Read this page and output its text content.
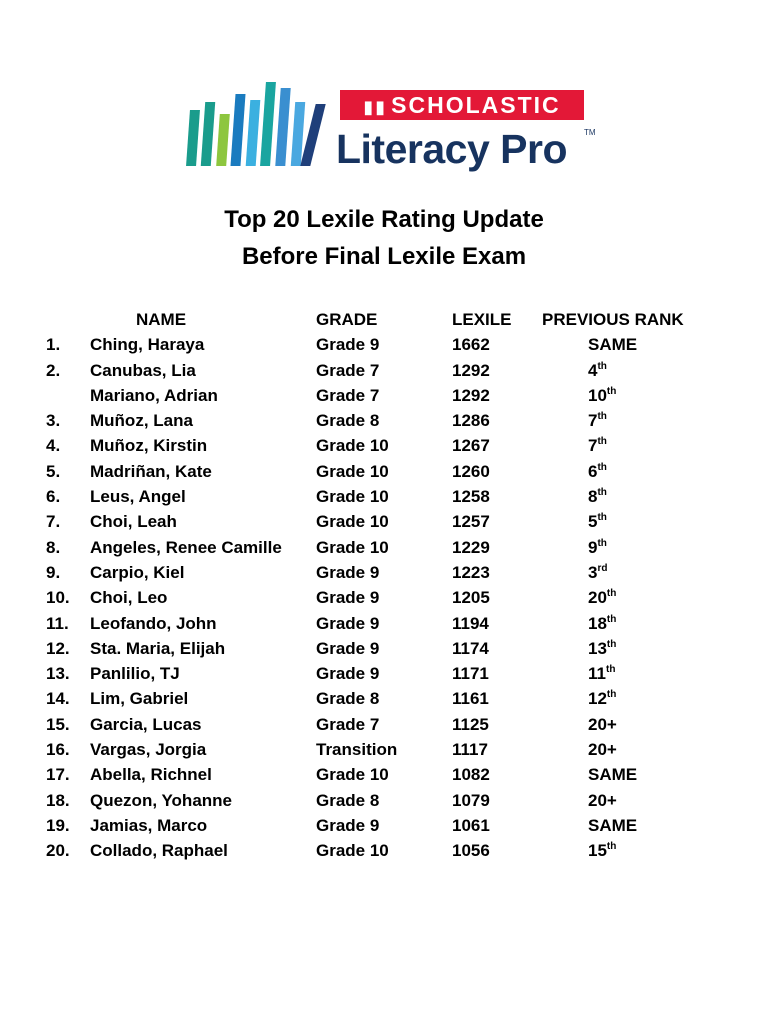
▮▮ SCHOLASTIC
Literacy Pro TM
Top 20 Lexile Rating Update
Before Final Lexile Exam
NAME	GRADE	LEXILE PREVIOUS RANK
1. Ching, Haraya	Grade 9	1662	SAME
2. Canubas, Lia	Grade 7	1292	4th
Mariano, Adrian	Grade 7	1292	10th
3. Muñoz, Lana	Grade 8	1286	7th
4. Muñoz, Kirstin	Grade 10	1267	7th
5. Madriñan, Kate	Grade 10	1260	6th
6. Leus, Angel	Grade 10	1258	8th
7. Choi, Leah	Grade 10	1257	5th
8. Angeles, Renee Camille Grade 10	1229	9th
9. Carpio, Kiel	Grade 9	1223	3rd
10. Choi, Leo	Grade 9	1205	20th
11. Leofando, John	Grade 9	1194	18th
12. Sta. Maria, Elijah	Grade 9	1174	13th
13. Panlilio, TJ	Grade 9	1171	11th
14. Lim, Gabriel	Grade 8	1161	12th
15. Garcia, Lucas	Grade 7	1125	20+
16. Vargas, Jorgia	Transition	1117	20+
17. Abella, Richnel	Grade 10	1082	SAME
18. Quezon, Yohanne	Grade 8	1079	20+
19. Jamias, Marco	Grade 9	1061	SAME
20. Collado, Raphael	Grade 10	1056	15th
